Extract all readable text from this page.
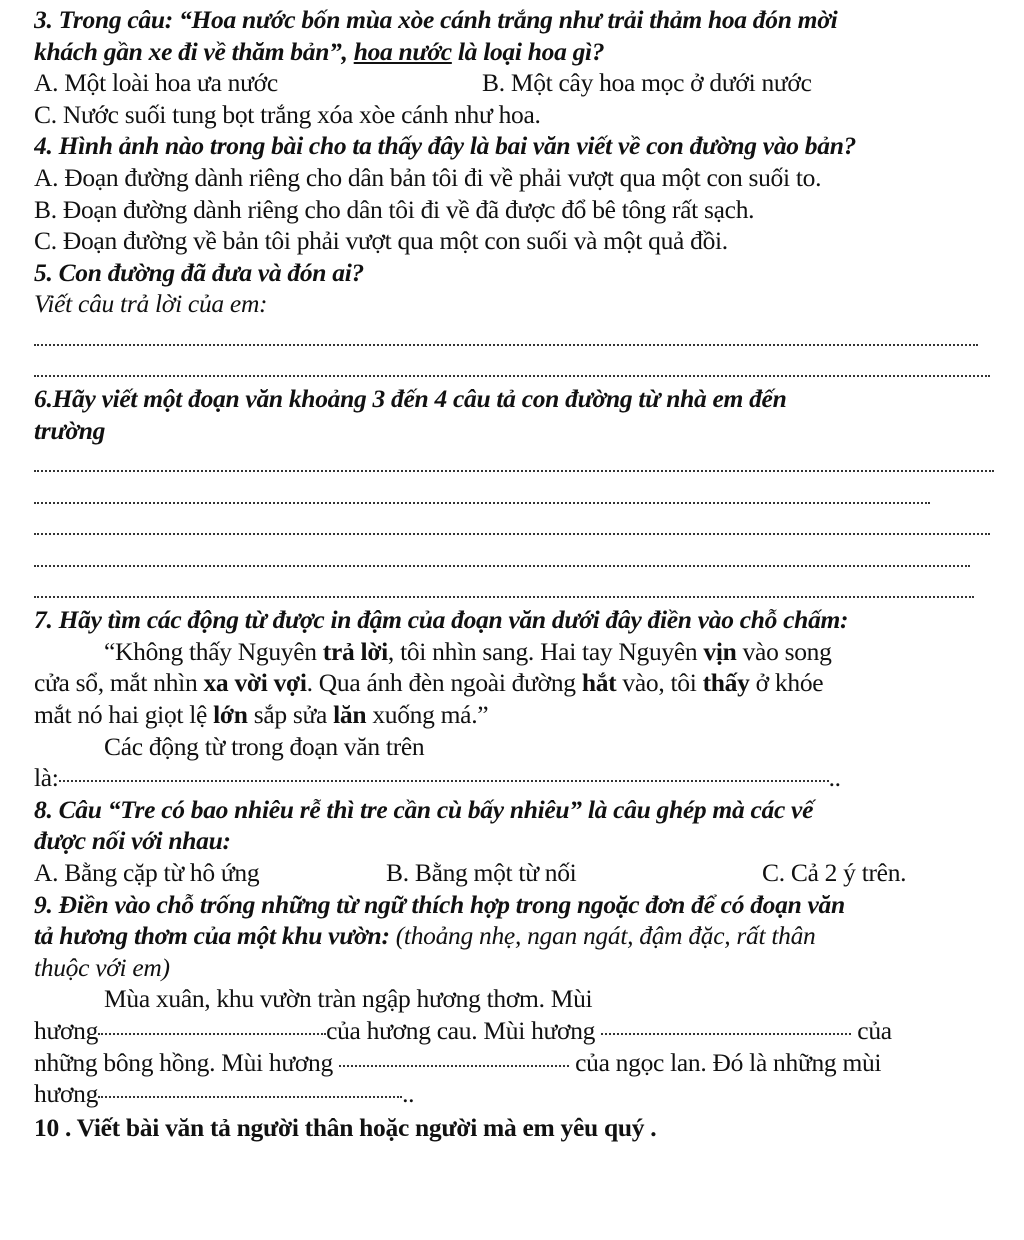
3. Trong câu: “Hoa nước bốn mùa xòe cánh trắng như trải thảm hoa đón mời
khách gần xe đi về thăm bản”, hoa nước là loại hoa gì?
A. Một loài hoa ưa nước	B. Một cây hoa mọc ở dưới nước
C. Nước suối tung bọt trắng xóa xòe cánh như hoa.
4. Hình ảnh nào trong bài cho ta thấy đây là bai văn viết về con đường vào bản?
A. Đoạn đường dành riêng cho dân bản tôi đi về phải vượt qua một con suối to.
B. Đoạn đường dành riêng cho dân tôi đi về đã được đổ bê tông rất sạch.
C. Đoạn đường về bản tôi phải vượt qua một con suối và một quả đồi.
5. Con đường đã đưa và đón ai?
Viết câu trả lời của em:
6.Hãy viết một đoạn văn khoảng 3 đến 4 câu tả con đường từ nhà em đến
trường
7. Hãy tìm các động từ được in đậm của đoạn văn dưới đây điền vào chỗ chấm:
“Không thấy Nguyên trả lời, tôi nhìn sang. Hai tay Nguyên vịn vào song
cửa sổ, mắt nhìn xa vời vợi. Qua ánh đèn ngoài đường hắt vào, tôi thấy ở khóe
mắt nó hai giọt lệ lớn sắp sửa lăn xuống má.”
Các động từ trong đoạn văn trên
là:	..
8. Câu “Tre có bao nhiêu rễ thì tre cần cù bấy nhiêu” là câu ghép mà các vế
được nối với nhau:
A. Bằng cặp từ hô ứng	B. Bằng một từ nối	C. Cả 2 ý trên.
9. Điền vào chỗ trống những từ ngữ thích hợp trong ngoặc đơn để có đoạn văn
tả hương thơm của một khu vườn: (thoảng nhẹ, ngan ngát, đậm đặc, rất thân
thuộc với em)
Mùa xuân, khu vườn tràn ngập hương thơm. Mùi
hương	của hương cau. Mùi hương	của
những bông hồng. Mùi hương	của ngọc lan. Đó là những mùi
hương	..
10 . Viết bài văn tả người thân hoặc người mà em yêu quý .
